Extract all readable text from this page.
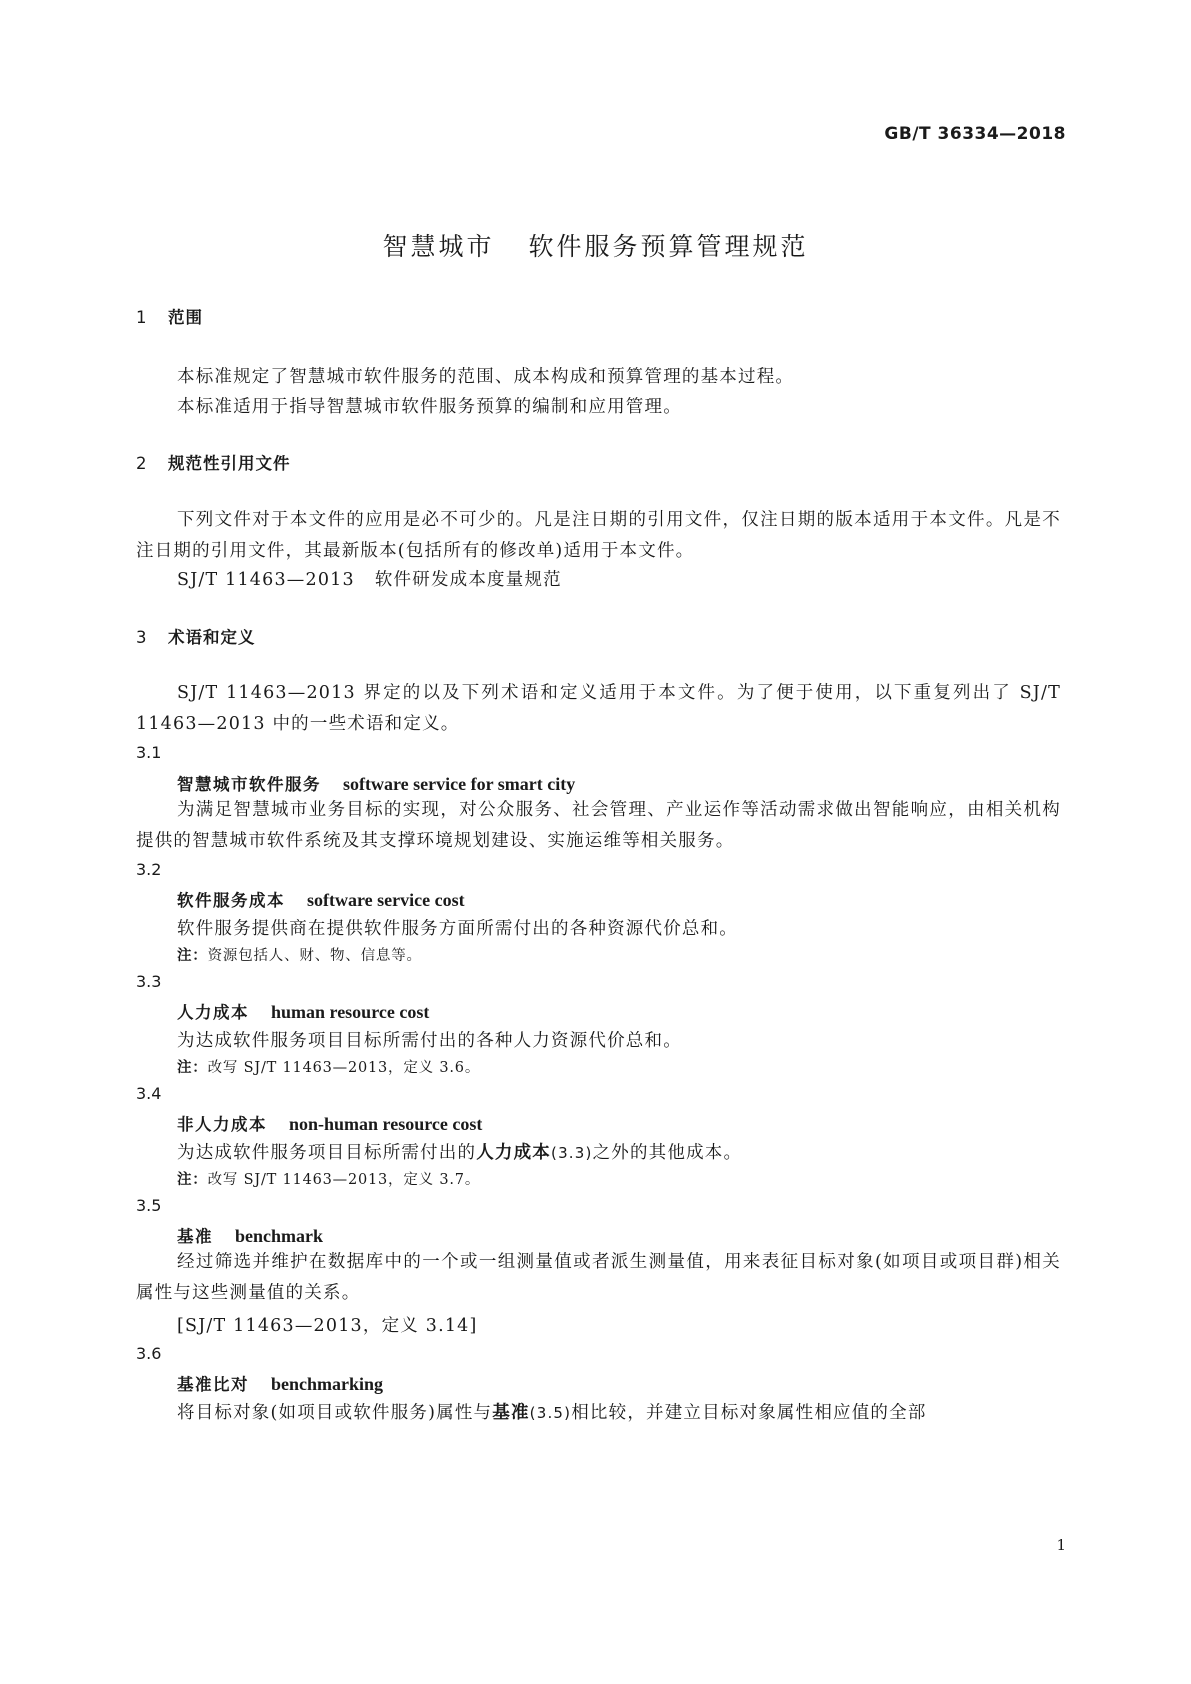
GB/T 36334—2018
智慧城市 软件服务预算管理规范
1 范围
本标准规定了智慧城市软件服务的范围、成本构成和预算管理的基本过程。
本标准适用于指导智慧城市软件服务预算的编制和应用管理。
2 规范性引用文件
下列文件对于本文件的应用是必不可少的。凡是注日期的引用文件，仅注日期的版本适用于本文件。凡是不注日期的引用文件，其最新版本(包括所有的修改单)适用于本文件。
SJ/T 11463—2013 软件研发成本度量规范
3 术语和定义
SJ/T 11463—2013 界定的以及下列术语和定义适用于本文件。为了便于使用，以下重复列出了 SJ/T 11463—2013 中的一些术语和定义。
3.1
智慧城市软件服务 software service for smart city
为满足智慧城市业务目标的实现，对公众服务、社会管理、产业运作等活动需求做出智能响应，由相关机构提供的智慧城市软件系统及其支撑环境规划建设、实施运维等相关服务。
3.2
软件服务成本 software service cost
软件服务提供商在提供软件服务方面所需付出的各种资源代价总和。
注：资源包括人、财、物、信息等。
3.3
人力成本 human resource cost
为达成软件服务项目目标所需付出的各种人力资源代价总和。
注：改写 SJ/T 11463—2013，定义 3.6。
3.4
非人力成本 non-human resource cost
为达成软件服务项目目标所需付出的人力成本(3.3)之外的其他成本。
注：改写 SJ/T 11463—2013，定义 3.7。
3.5
基准 benchmark
经过筛选并维护在数据库中的一个或一组测量值或者派生测量值，用来表征目标对象(如项目或项目群)相关属性与这些测量值的关系。
[SJ/T 11463—2013，定义 3.14]
3.6
基准比对 benchmarking
将目标对象(如项目或软件服务)属性与基准(3.5)相比较，并建立目标对象属性相应值的全部
1
